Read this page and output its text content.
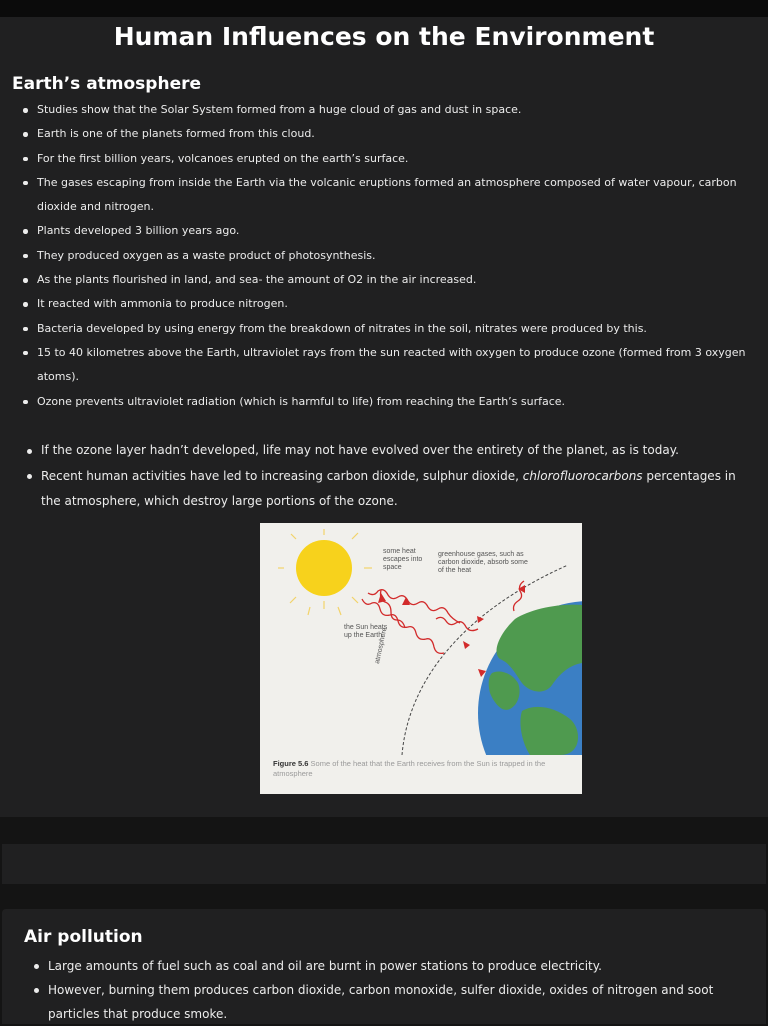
Human Influences on the Environment
Earth’s atmosphere
Studies show that the Solar System formed from a huge cloud of gas and dust in space.
Earth is one of the planets formed from this cloud.
For the first billion years, volcanoes erupted on the earth’s surface.
The gases escaping from inside the Earth via the volcanic eruptions formed an atmosphere composed of water vapour, carbon dioxide and nitrogen.
Plants developed 3 billion years ago.
They produced oxygen as a waste product of photosynthesis.
As the plants flourished in land, and sea- the amount of O2 in the air increased.
It reacted with ammonia to produce nitrogen.
Bacteria developed by using energy from the breakdown of nitrates in the soil, nitrates were produced by this.
15 to 40 kilometres above the Earth, ultraviolet rays from the sun reacted with oxygen to produce ozone (formed from 3 oxygen atoms).
Ozone prevents ultraviolet radiation (which is harmful to life) from reaching the Earth’s surface.
If the ozone layer hadn’t developed, life may not have evolved over the entirety of the planet, as is today.
Recent human activities have led to increasing carbon dioxide, sulphur dioxide, chlorofluorocarbons percentages in the atmosphere, which destroy large portions of the ozone.
some heat escapes into space
greenhouse gases, such as carbon dioxide, absorb some of the heat
the Sun heats up the Earth
atmosphere
Figure 5.6 Some of the heat that the Earth receives from the Sun is trapped in the atmosphere
Air pollution
Large amounts of fuel such as coal and oil are burnt in power stations to produce electricity.
However, burning them produces carbon dioxide, carbon monoxide, sulfer dioxide, oxides of nitrogen and soot particles that produce smoke.
